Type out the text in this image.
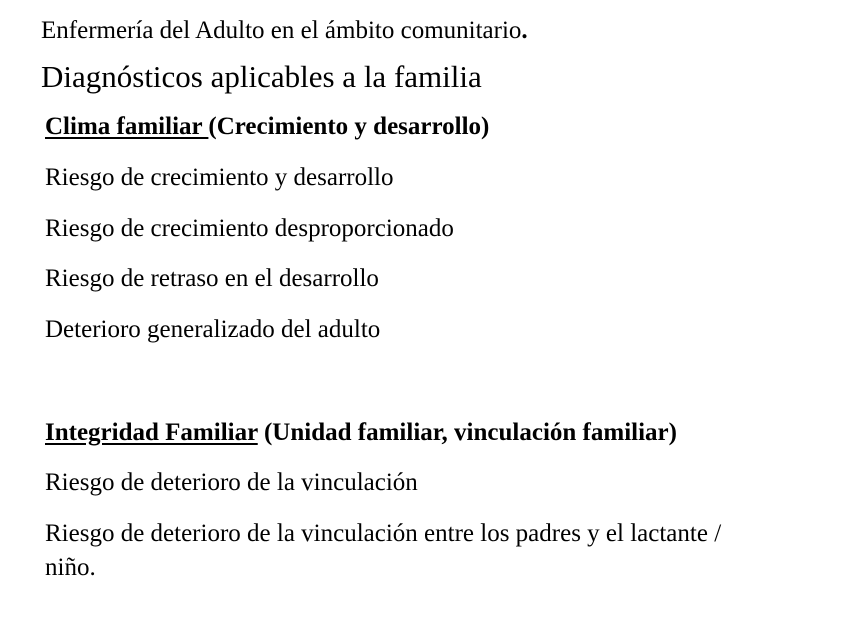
Enfermería del Adulto en el ámbito comunitario.
Diagnósticos aplicables a la familia
Clima familiar (Crecimiento y desarrollo)
Riesgo de crecimiento y desarrollo
Riesgo de crecimiento desproporcionado
Riesgo de retraso en el desarrollo
Deterioro generalizado del adulto
Integridad Familiar (Unidad familiar, vinculación familiar)
Riesgo de deterioro de la vinculación
Riesgo de deterioro de la vinculación entre los padres y el lactante / niño.
